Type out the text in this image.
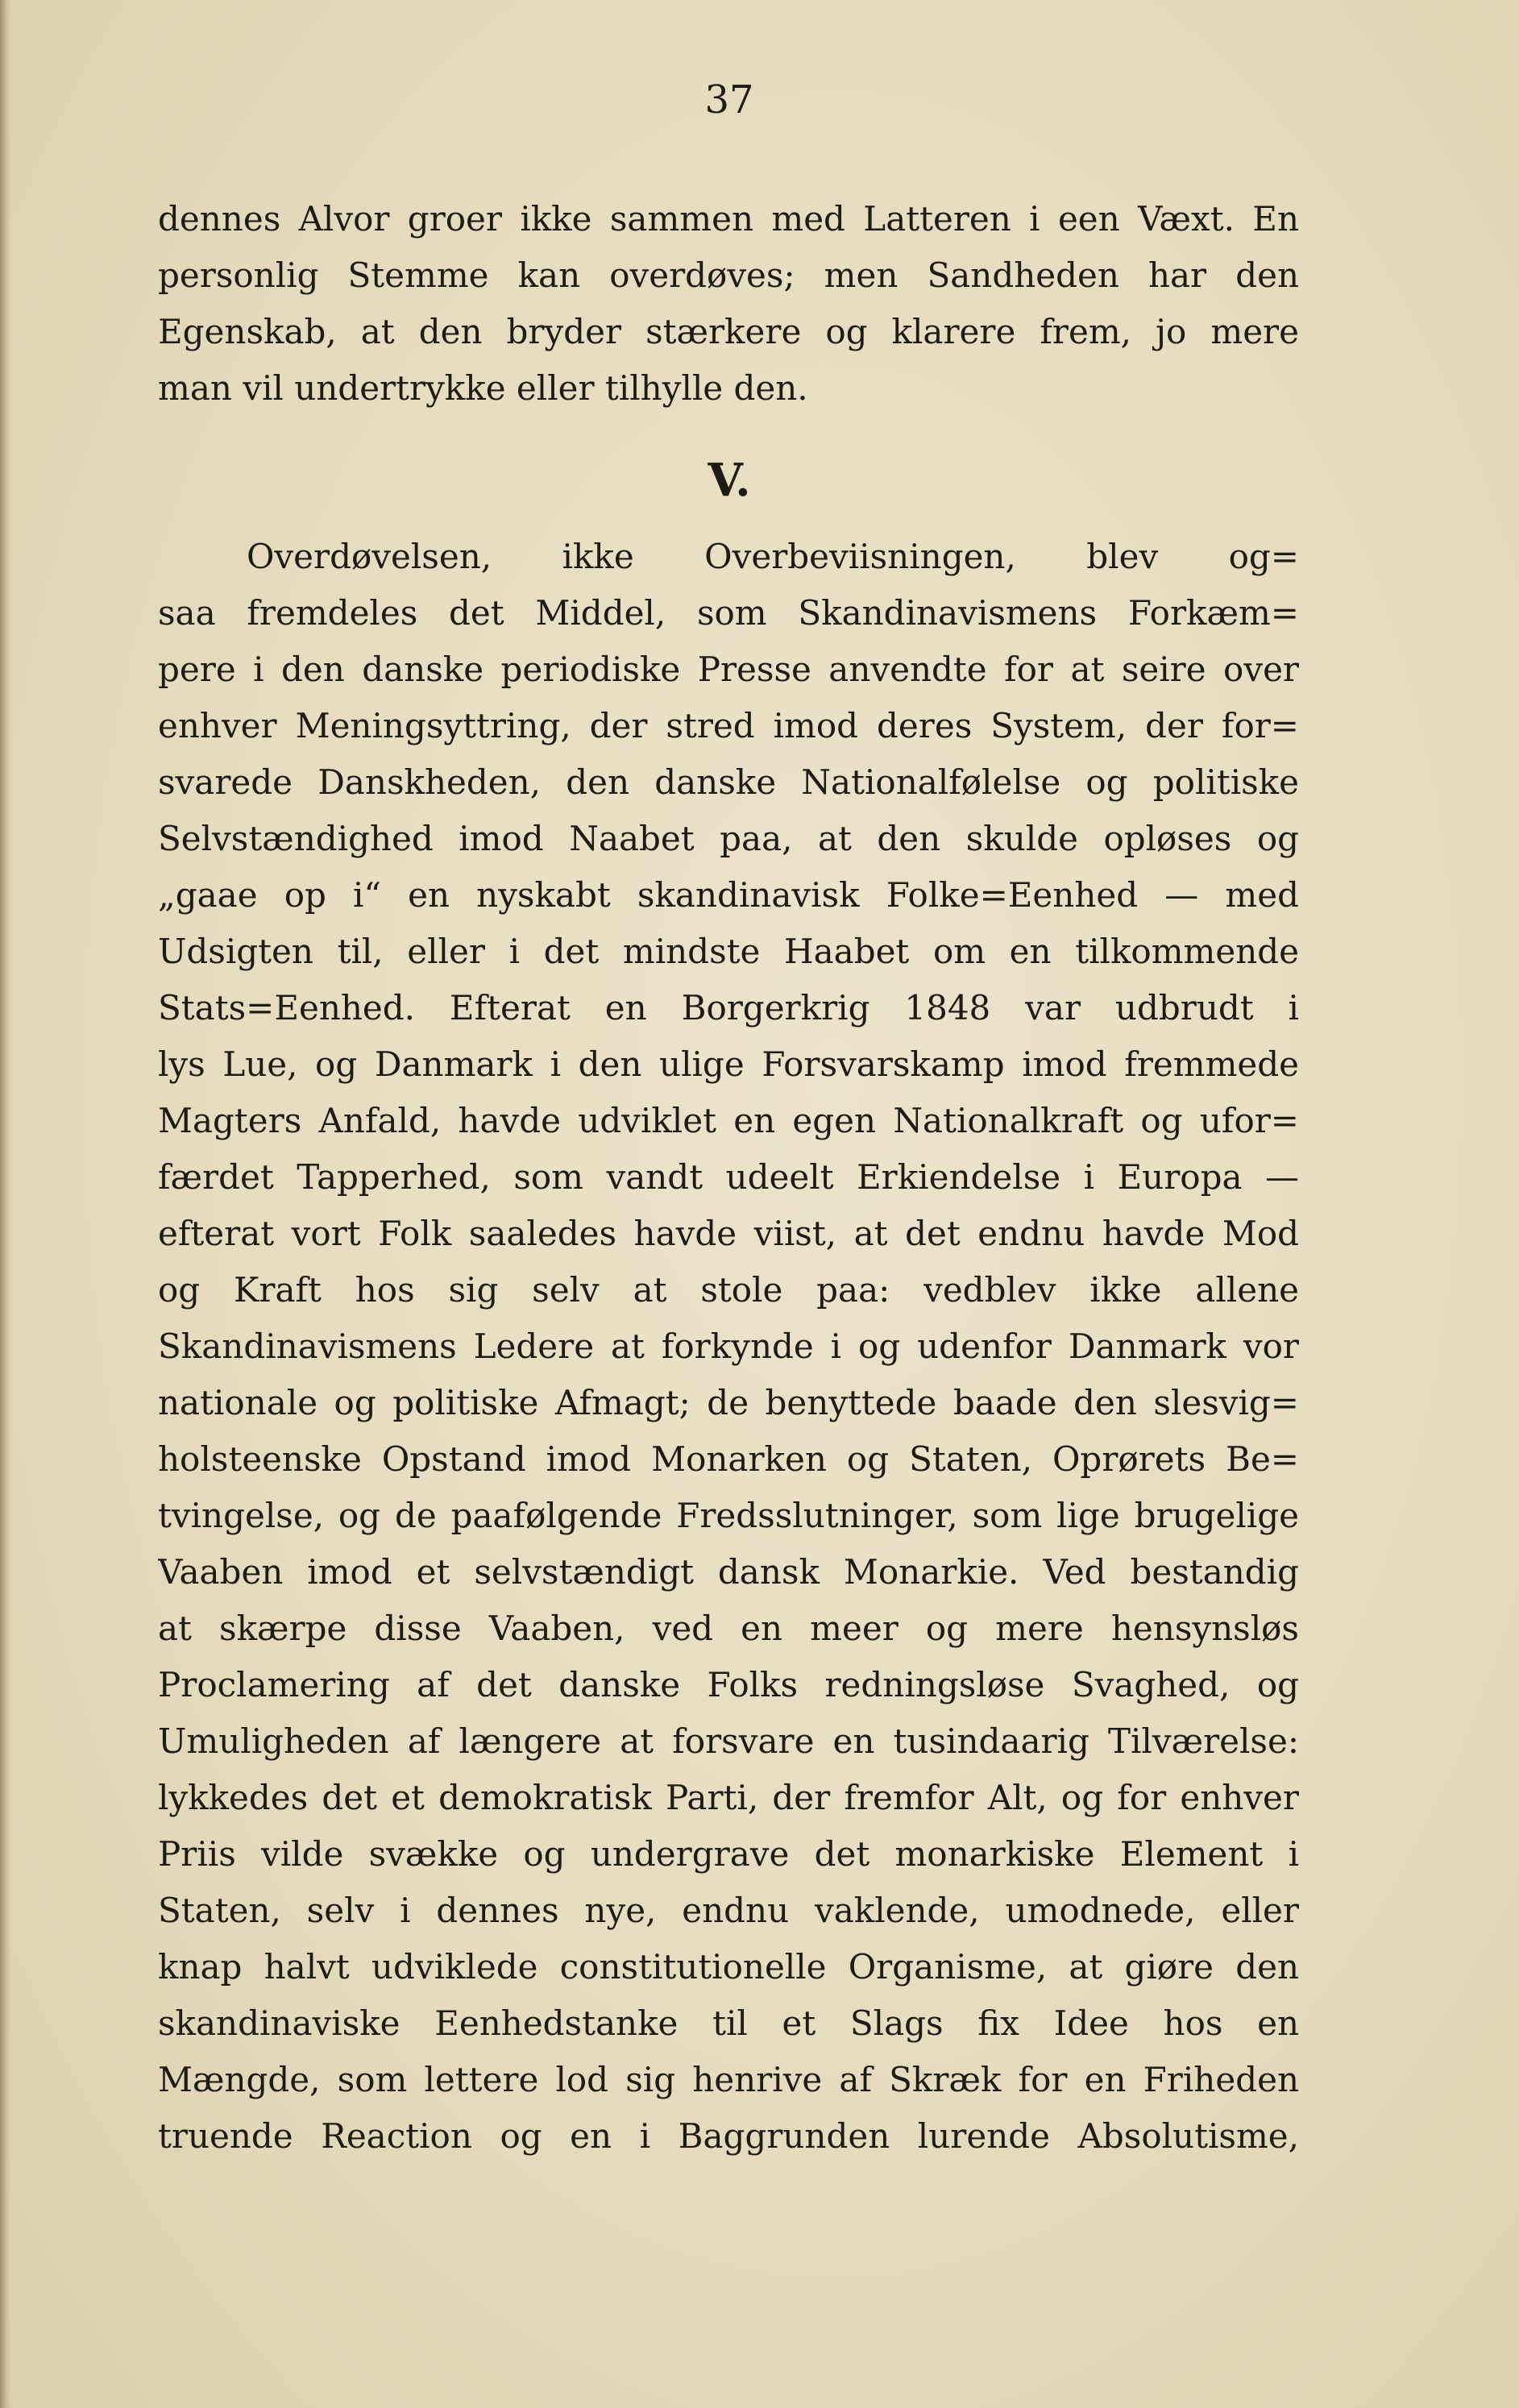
37
dennes Alvor groer ikke sammen med Latteren i een Væxt. En
personlig Stemme kan overdøves; men Sandheden har den
Egenskab, at den bryder stærkere og klarere frem, jo mere
man vil undertrykke eller tilhylle den.
V.
Overdøvelsen, ikke Overbeviisningen, blev og=
saa fremdeles det Middel, som Skandinavismens Forkæm=
pere i den danske periodiske Presse anvendte for at seire over
enhver Meningsyttring, der stred imod deres System, der for=
svarede Danskheden, den danske Nationalfølelse og politiske
Selvstændighed imod Naabet paa, at den skulde opløses og
„gaae op i“ en nyskabt skandinavisk Folke=Eenhed — med
Udsigten til, eller i det mindste Haabet om en tilkommende
Stats=Eenhed. Efterat en Borgerkrig 1848 var udbrudt i
lys Lue, og Danmark i den ulige Forsvarskamp imod fremmede
Magters Anfald, havde udviklet en egen Nationalkraft og ufor=
færdet Tapperhed, som vandt udeelt Erkiendelse i Europa —
efterat vort Folk saaledes havde viist, at det endnu havde Mod
og Kraft hos sig selv at stole paa: vedblev ikke allene
Skandinavismens Ledere at forkynde i og udenfor Danmark vor
nationale og politiske Afmagt; de benyttede baade den slesvig=
holsteenske Opstand imod Monarken og Staten, Oprørets Be=
tvingelse, og de paafølgende Fredsslutninger, som lige brugelige
Vaaben imod et selvstændigt dansk Monarkie. Ved bestandig
at skærpe disse Vaaben, ved en meer og mere hensynsløs
Proclamering af det danske Folks redningsløse Svaghed, og
Umuligheden af længere at forsvare en tusindaarig Tilværelse:
lykkedes det et demokratisk Parti, der fremfor Alt, og for enhver
Priis vilde svække og undergrave det monarkiske Element i
Staten, selv i dennes nye, endnu vaklende, umodnede, eller
knap halvt udviklede constitutionelle Organisme, at giøre den
skandinaviske Eenhedstanke til et Slags fix Idee hos en
Mængde, som lettere lod sig henrive af Skræk for en Friheden
truende Reaction og en i Baggrunden lurende Absolutisme,
